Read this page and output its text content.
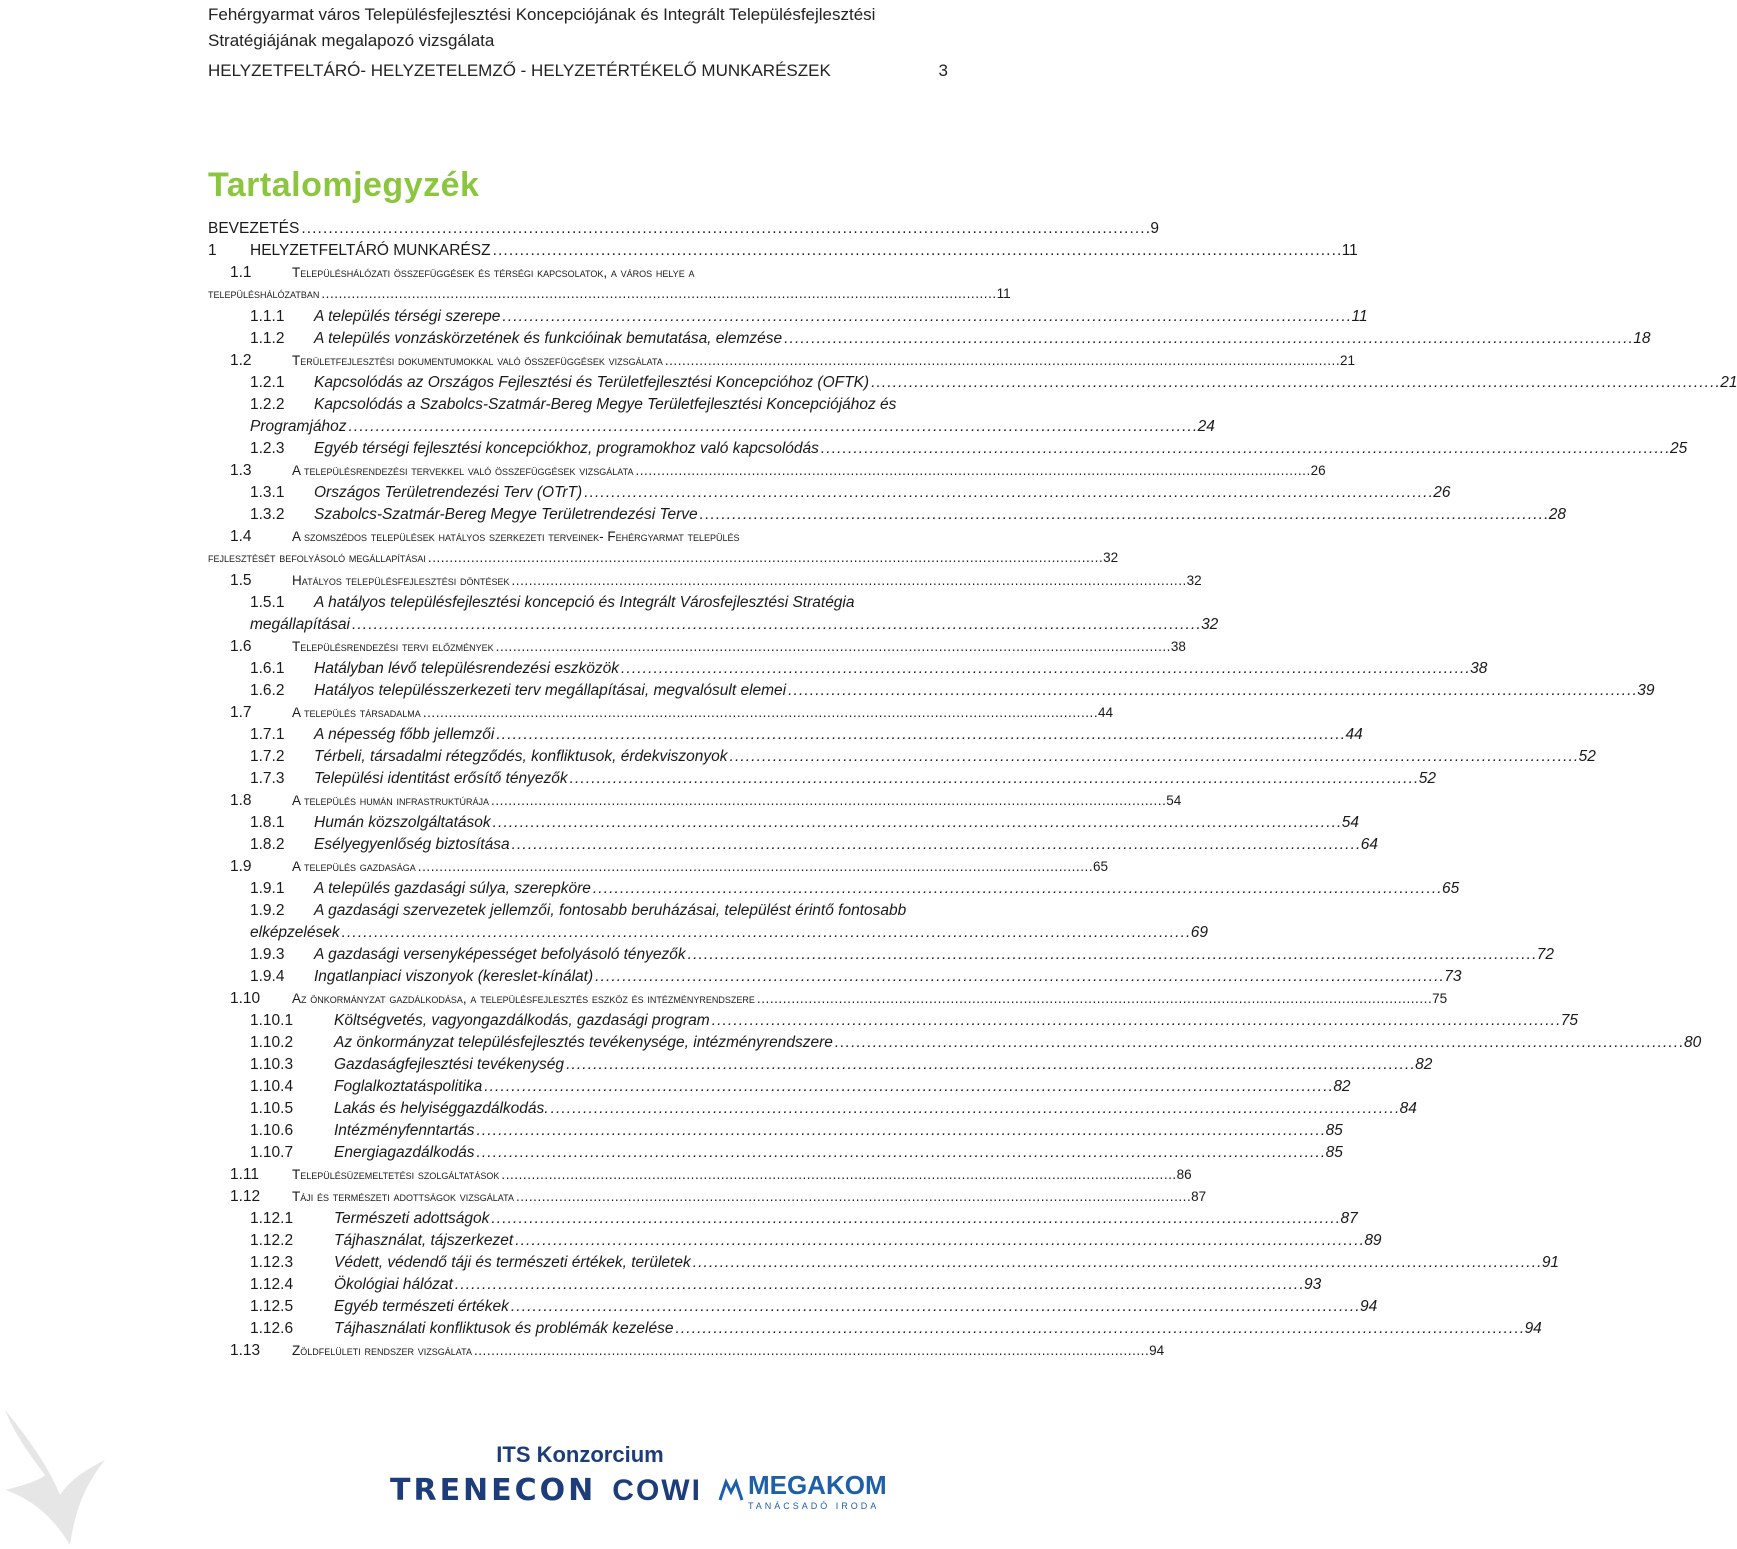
Fehérgyarmat város Településfejlesztési Koncepciójának és Integrált Településfejlesztési Stratégiájának megalapozó vizsgálata
HELYZETFELTÁRÓ- HELYZETELEMZŐ - HELYZETÉRTÉKELŐ MUNKARÉSZEK	3
Tartalomjegyzék
BEVEZETÉS . . .	9
1	HELYZETFELTÁRÓ MUNKARÉSZ . . .	11
1.1	Településhálózati összefüggések és térségi kapcsolatok, a város helye a
településhálózatban . . .	11
1.1.1	A település térségi szerepe . . .	11
1.1.2	A település vonzáskörzetének és funkcióinak bemutatása, elemzése . . .	18
1.2	Területfejlesztési dokumentumokkal való összefüggések vizsgálata . . .	21
1.2.1	Kapcsolódás az Országos Fejlesztési és Területfejlesztési Koncepcióhoz (OFTK) . . .	21
1.2.2	Kapcsolódás a Szabolcs-Szatmár-Bereg Megye Területfejlesztési Koncepciójához és
Programjához . . .	24
1.2.3	Egyéb térségi fejlesztési koncepciókhoz, programokhoz való kapcsolódás . . .	25
1.3	A településrendezési tervekkel való összefüggések vizsgálata . . .	26
1.3.1	Országos Területrendezési Terv (OTrT) . . .	26
1.3.2	Szabolcs-Szatmár-Bereg Megye Területrendezési Terve . . .	28
1.4	A szomszédos települések hatályos szerkezeti terveinek- Fehérgyarmat település
fejlesztését befolyásoló megállapításai . . .	32
1.5	Hatályos településfejlesztési döntések . . .	32
1.5.1	A hatályos településfejlesztési koncepció és Integrált Városfejlesztési Stratégia
megállapításai . . .	32
1.6	Településrendezési tervi előzmények . . .	38
1.6.1	Hatályban lévő településrendezési eszközök . . .	38
1.6.2	Hatályos településszerkezeti terv megállapításai, megvalósult elemei . . .	39
1.7	A település társadalma . . .	44
1.7.1	A népesség főbb jellemzői . . .	44
1.7.2	Térbeli, társadalmi rétegződés, konfliktusok, érdekviszonyok . . .	52
1.7.3	Települési identitást erősítő tényezők . . .	52
1.8	A település humán infrastruktúrája . . .	54
1.8.1	Humán közszolgáltatások . . .	54
1.8.2	Esélyegyenlőség biztosítása . . .	64
1.9	A település gazdasága . . .	65
1.9.1	A település gazdasági súlya, szerepköre . . .	65
1.9.2	A gazdasági szervezetek jellemzői, fontosabb beruházásai, települést érintő fontosabb
elképzelések . . .	69
1.9.3	A gazdasági versenyképességet befolyásoló tényezők . . .	72
1.9.4	Ingatlanpiaci viszonyok (kereslet-kínálat) . . .	73
1.10	Az önkormányzat gazdálkodása, a településfejlesztés eszköz és intézményrendszere . . .	75
1.10.1	Költségvetés, vagyongazdálkodás, gazdasági program . . .	75
1.10.2	Az önkormányzat településfejlesztés tevékenysége, intézményrendszere . . .	80
1.10.3	Gazdaságfejlesztési tevékenység . . .	82
1.10.4	Foglalkoztatáspolitika . . .	82
1.10.5	Lakás és helyiséggazdálkodás. . . .	84
1.10.6	Intézményfenntartás . . .	85
1.10.7	Energiagazdálkodás . . .	85
1.11	Településüzemeltetési szolgáltatások . . .	86
1.12	Táji és természeti adottságok vizsgálata . . .	87
1.12.1	Természeti adottságok . . .	87
1.12.2	Tájhasználat, tájszerkezet . . .	89
1.12.3	Védett, védendő táji és természeti értékek, területek . . .	91
1.12.4	Ökológiai hálózat . . .	93
1.12.5	Egyéb természeti értékek . . .	94
1.12.6	Tájhasználati konfliktusok és problémák kezelése . . .	94
1.13	Zöldfelületi rendszer vizsgálata . . .	94
ITS Konzorcium
TRENECON COWI MEGAKOM
TANÁCSADÓ IRODA
